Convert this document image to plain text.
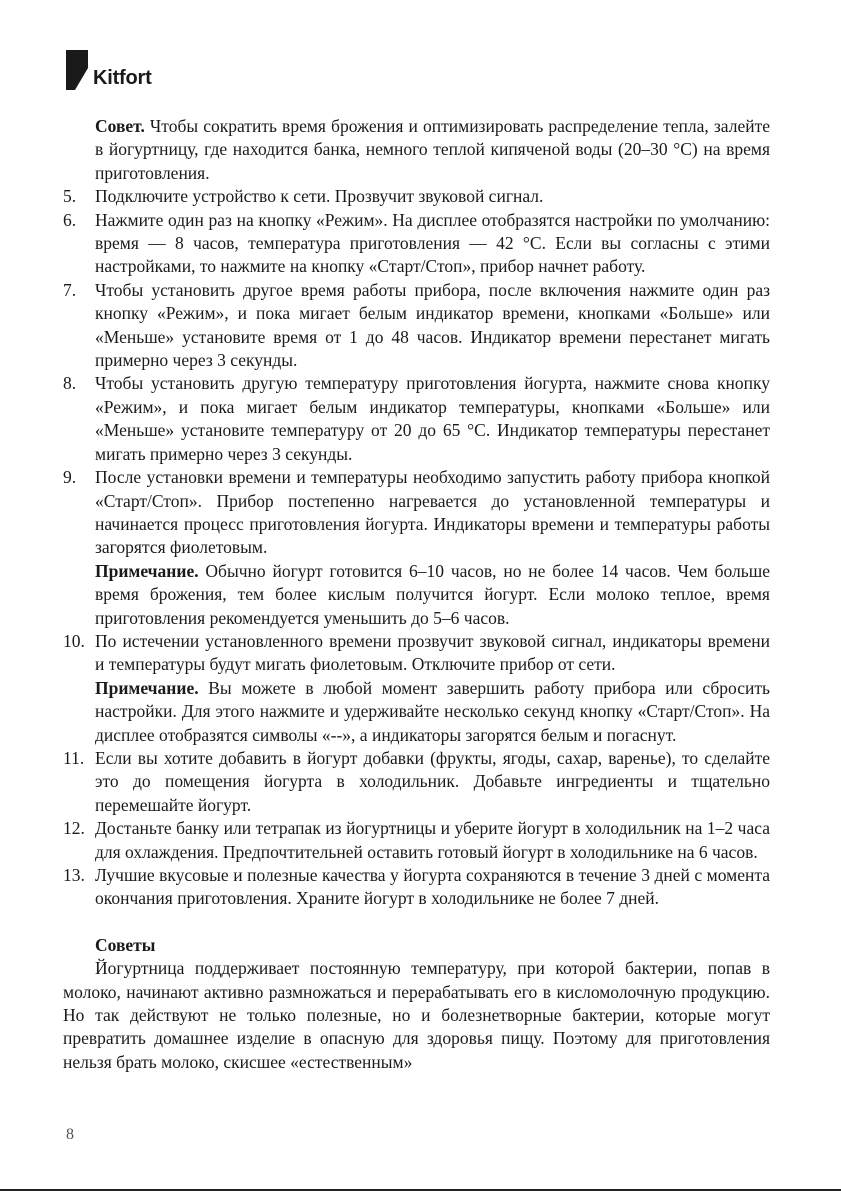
Kitfort

Совет. Чтобы сократить время брожения и оптимизировать распределение тепла, залейте в йогуртницу, где находится банка, немного теплой кипяченой воды (20–30 °С) на время приготовления.

5.	Подключите устройство к сети. Прозвучит звуковой сигнал.

6.	Нажмите один раз на кнопку «Режим». На дисплее отобразятся настройки по умолчанию: время — 8 часов, температура приготовления — 42 °С. Если вы согласны с этими настройками, то нажмите на кнопку «Старт/Стоп», прибор начнет работу.

7.	Чтобы установить другое время работы прибора, после включения нажмите один раз кнопку «Режим», и пока мигает белым индикатор времени, кнопками «Больше» или «Меньше» установите время от 1 до 48 часов. Индикатор времени перестанет мигать примерно через 3 секунды.

8.	Чтобы установить другую температуру приготовления йогурта, нажмите снова кнопку «Режим», и пока мигает белым индикатор температуры, кнопками «Больше» или «Меньше» установите температуру от 20 до 65 °С. Индикатор температуры перестанет мигать примерно через 3 секунды.

9.	После установки времени и температуры необходимо запустить работу прибора кнопкой «Старт/Стоп». Прибор постепенно нагревается до установленной температуры и начинается процесс приготовления йогурта. Индикаторы времени и температуры работы загорятся фиолетовым.

Примечание. Обычно йогурт готовится 6–10 часов, но не более 14 часов. Чем больше время брожения, тем более кислым получится йогурт. Если молоко теплое, время приготовления рекомендуется уменьшить до 5–6 часов.

10. По истечении установленного времени прозвучит звуковой сигнал, индикаторы времени и температуры будут мигать фиолетовым. Отключите прибор от сети.

Примечание. Вы можете в любой момент завершить работу прибора или сбросить настройки. Для этого нажмите и удерживайте несколько секунд кнопку «Старт/Стоп». На дисплее отобразятся символы «--», а индикаторы загорятся белым и погаснут.

11. Если вы хотите добавить в йогурт добавки (фрукты, ягоды, сахар, варенье), то сделайте это до помещения йогурта в холодильник. Добавьте ингредиенты и тщательно перемешайте йогурт.

12. Достаньте банку или тетрапак из йогуртницы и уберите йогурт в холодильник на 1–2 часа для охлаждения. Предпочтительней оставить готовый йогурт в холодильнике на 6 часов.

13. Лучшие вкусовые и полезные качества у йогурта сохраняются в течение 3 дней с момента окончания приготовления. Храните йогурт в холодильнике не более 7 дней.

Советы

Йогуртница поддерживает постоянную температуру, при которой бактерии, попав в молоко, начинают активно размножаться и перерабатывать его в кисломолочную продукцию. Но так действуют не только полезные, но и болезнетворные бактерии, которые могут превратить домашнее изделие в опасную для здоровья пищу. Поэтому для приготовления нельзя брать молоко, скисшее «естественным»

8
